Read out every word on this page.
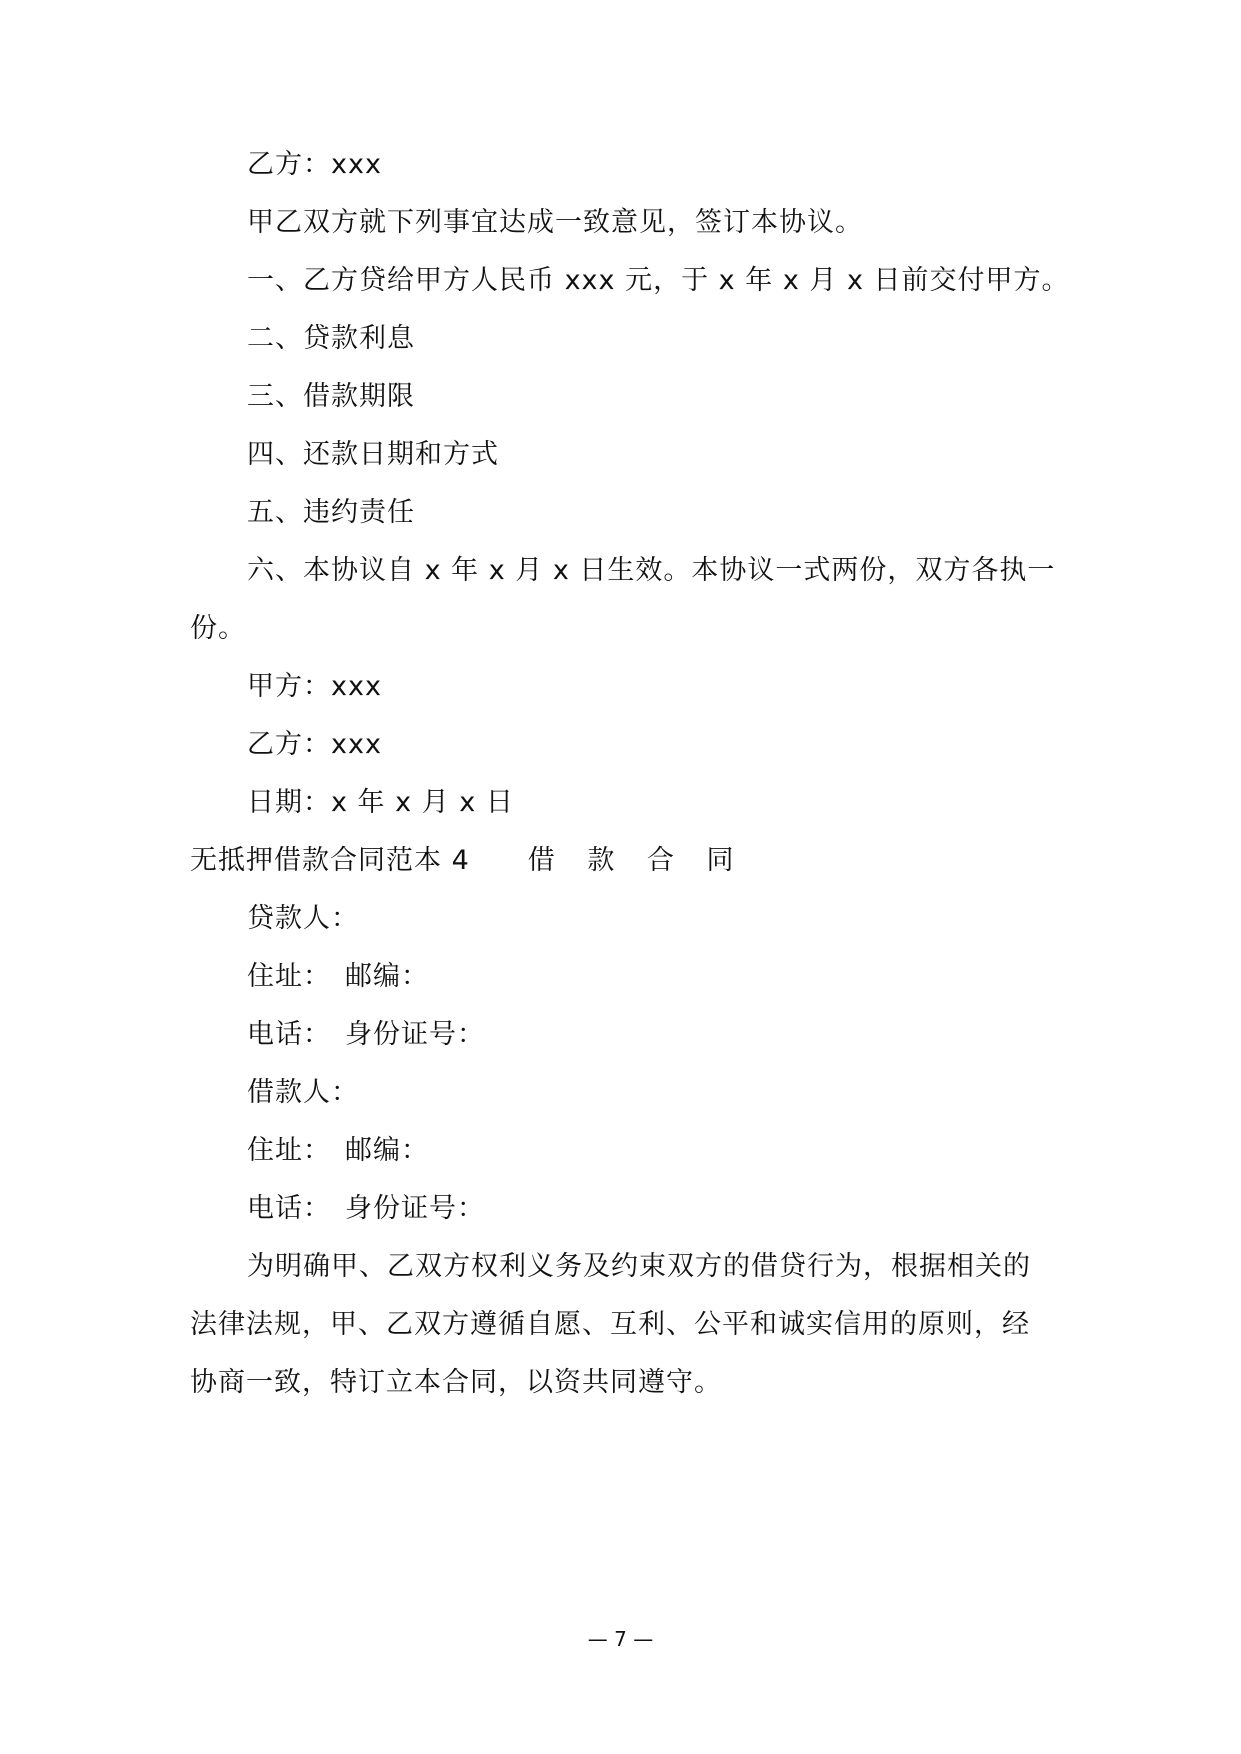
乙方：xxx
甲乙双方就下列事宜达成一致意见，签订本协议。
一、乙方贷给甲方人民币 xxx 元，于 x 年 x 月 x 日前交付甲方。
二、贷款利息
三、借款期限
四、还款日期和方式
五、违约责任
六、本协议自 x 年 x 月 x 日生效。本协议一式两份，双方各执一
份。
甲方：xxx
乙方：xxx
日期：x 年 x 月 x 日
无抵押借款合同范本 4 借 款 合 同
贷款人：
住址： 邮编：
电话： 身份证号：
借款人：
住址： 邮编：
电话： 身份证号：
为明确甲、乙双方权利义务及约束双方的借贷行为，根据相关的
法律法规，甲、乙双方遵循自愿、互利、公平和诚实信用的原则，经
协商一致，特订立本合同，以资共同遵守。
— 7 —
